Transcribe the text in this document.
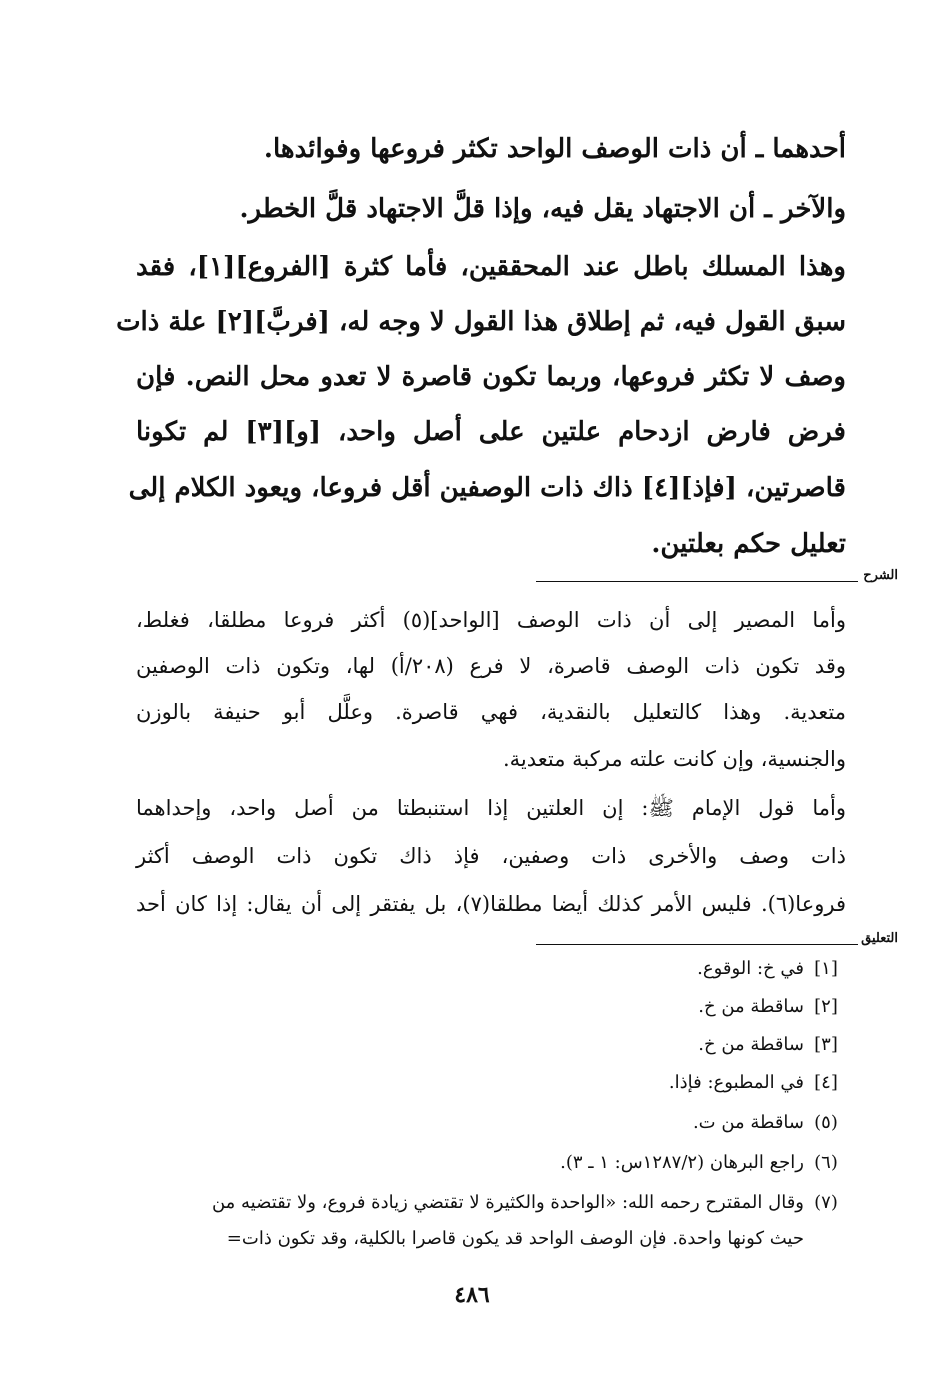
أحدهما ـ أن ذات الوصف الواحد تكثر فروعها وفوائدها.
والآخر ـ أن الاجتهاد يقل فيه، وإذا قلَّ الاجتهاد قلَّ الخطر.
وهذا المسلك باطل عند المحققين، فأما كثرة [الفروع][١]، فقد
سبق القول فيه، ثم إطلاق هذا القول لا وجه له، [فربَّ][٢] علة ذات
وصف لا تكثر فروعها، وربما تكون قاصرة لا تعدو محل النص. فإن
فرض فارض ازدحام علتين على أصل واحد، [و][٣] لم تكونا
قاصرتين، [فإذ][٤] ذاك ذات الوصفين أقل فروعا، ويعود الكلام إلى
تعليل حكم بعلتين.
الشرح
وأما المصير إلى أن ذات الوصف [الواحد](٥) أكثر فروعا مطلقا، فغلط،
وقد تكون ذات الوصف قاصرة، لا فرع (٢٠٨/أ) لها، وتكون ذات الوصفين
متعدية. وهذا كالتعليل بالنقدية، فهي قاصرة. وعلَّل أبو حنيفة بالوزن
والجنسية، وإن كانت علته مركبة متعدية.
وأما قول الإمام ﷺ: إن العلتين إذا استنبطتا من أصل واحد، وإحداهما
ذات وصف والأخرى ذات وصفين، فإذ ذاك تكون ذات الوصف أكثر
فروعا(٦). فليس الأمر كذلك أيضا مطلقا(٧)، بل يفتقر إلى أن يقال: إذا كان أحد
التعليق
[١]
في خ: الوقوع.
[٢]
ساقطة من خ.
[٣]
ساقطة من خ.
[٤]
في المطبوع: فإذا.
(٥)
ساقطة من ت.
(٦)
راجع البرهان (١٢٨٧/٢س: ١ ـ ٣).
(٧)
وقال المقترح رحمه الله: «الواحدة والكثيرة لا تقتضي زيادة فروع، ولا تقتضيه من
حيث كونها واحدة. فإن الوصف الواحد قد يكون قاصرا بالكلية، وقد تكون ذات=
٤٨٦
